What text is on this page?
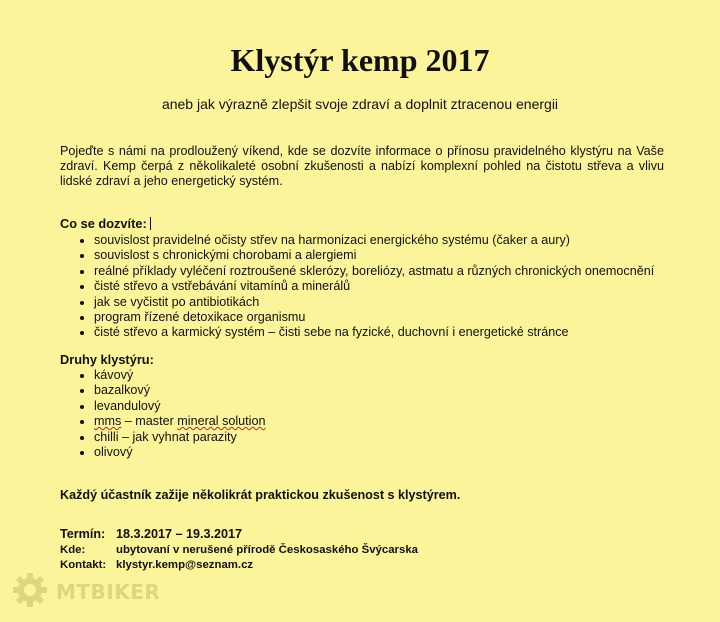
Klystýr kemp 2017
aneb jak výrazně zlepšit svoje zdraví a doplnit ztracenou energii
Pojeďte s námi na prodloužený víkend, kde se dozvíte informace o přínosu pravidelného klystýru na Vaše zdraví. Kemp čerpá z několikaleté osobní zkušenosti a nabízí komplexní pohled na čistotu střeva a vlivu lidské zdraví a jeho energetický systém.
Co se dozvíte:
souvislost pravidelné očisty střev na harmonizaci energického systému (čaker a aury)
souvislost s chronickými chorobami a alergiemi
reálné příklady vyléčení roztroušené sklerózy, boreliózy, astmatu a různých chronických onemocnění
čisté střevo a vstřebávání vitamínů a minerálů
jak se vyčistit po antibiotikách
program řízené detoxikace organismu
čisté střevo a karmický systém – čisti sebe na fyzické, duchovní i energetické stránce
Druhy klystýru:
kávový
bazalkový
levandulový
mms – master mineral solution
chilli – jak vyhnat parazity
olivový
Každý účastník zažije několikrát praktickou zkušenost s klystýrem.
Termín: 18.3.2017 – 19.3.2017
Kde:	ubytovaní v nerušené přírodě Českosaského Švýcarska
Kontakt: klystyr.kemp@seznam.cz
MTBIKER
